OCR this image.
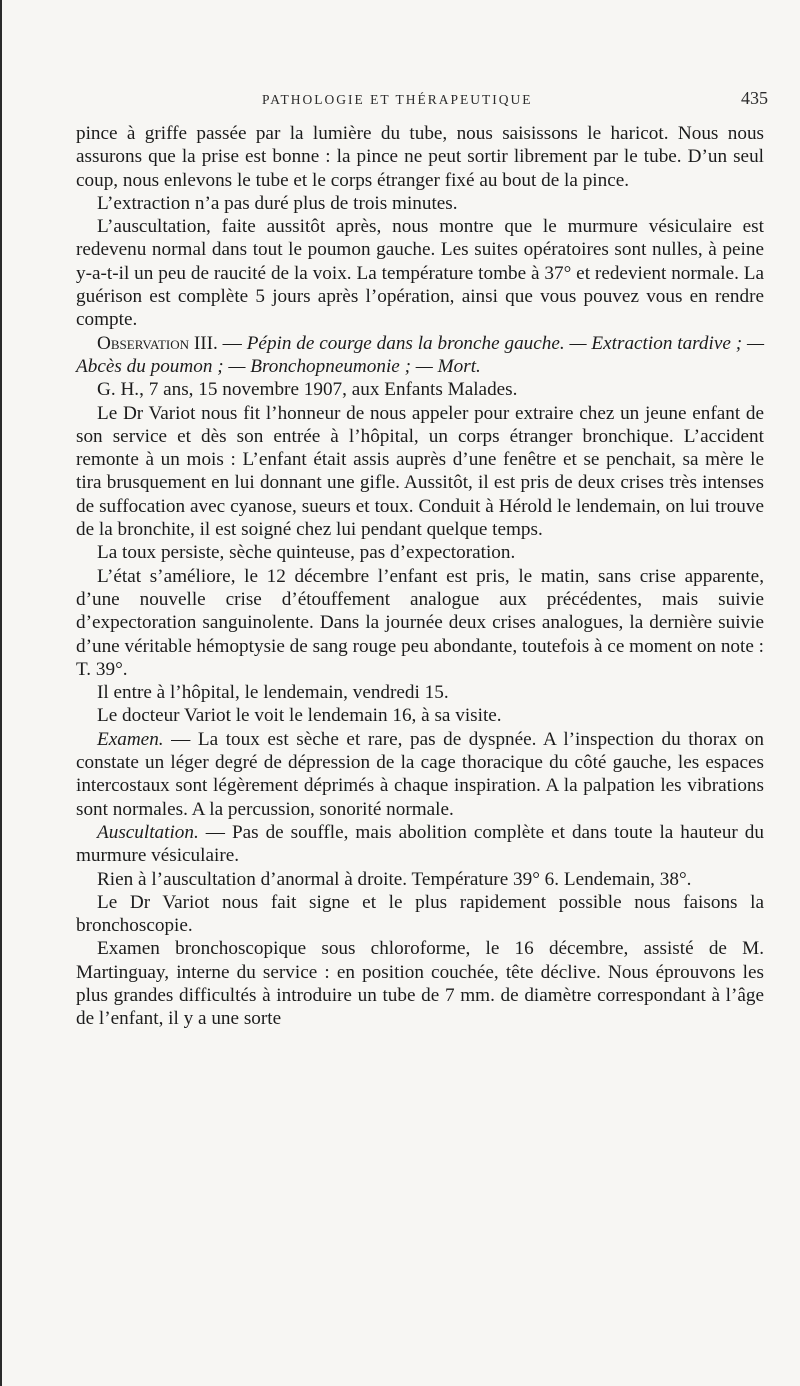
PATHOLOGIE ET THÉRAPEUTIQUE	435

pince à griffe passée par la lumière du tube, nous saisissons le haricot. Nous nous assurons que la prise est bonne : la pince ne peut sortir librement par le tube. D’un seul coup, nous enlevons le tube et le corps étranger fixé au bout de la pince.

L’extraction n’a pas duré plus de trois minutes.

L’auscultation, faite aussitôt après, nous montre que le murmure vésiculaire est redevenu normal dans tout le poumon gauche. Les suites opératoires sont nulles, à peine y-a-t-il un peu de raucité de la voix. La température tombe à 37° et redevient normale. La guérison est complète 5 jours après l’opération, ainsi que vous pouvez vous en rendre compte.

Observation III. — Pépin de courge dans la bronche gauche. — Extraction tardive ; — Abcès du poumon ; — Bronchopneumonie ; — Mort.

G. H., 7 ans, 15 novembre 1907, aux Enfants Malades.

Le Dr Variot nous fit l’honneur de nous appeler pour extraire chez un jeune enfant de son service et dès son entrée à l’hôpital, un corps étranger bronchique. L’accident remonte à un mois : L’enfant était assis auprès d’une fenêtre et se penchait, sa mère le tira brusquement en lui donnant une gifle. Aussitôt, il est pris de deux crises très intenses de suffocation avec cyanose, sueurs et toux. Conduit à Hérold le lendemain, on lui trouve de la bronchite, il est soigné chez lui pendant quelque temps.

La toux persiste, sèche quinteuse, pas d’expectoration.

L’état s’améliore, le 12 décembre l’enfant est pris, le matin, sans crise apparente, d’une nouvelle crise d’étouffement analogue aux précédentes, mais suivie d’expectoration sanguinolente. Dans la journée deux crises analogues, la dernière suivie d’une véritable hémoptysie de sang rouge peu abondante, toutefois à ce moment on note : T. 39°.

Il entre à l’hôpital, le lendemain, vendredi 15.

Le docteur Variot le voit le lendemain 16, à sa visite.

Examen. — La toux est sèche et rare, pas de dyspnée. A l’inspection du thorax on constate un léger degré de dépression de la cage thoracique du côté gauche, les espaces intercostaux sont légèrement déprimés à chaque inspiration. A la palpation les vibrations sont normales. A la percussion, sonorité normale.

Auscultation. — Pas de souffle, mais abolition complète et dans toute la hauteur du murmure vésiculaire.

Rien à l’auscultation d’anormal à droite. Température 39° 6. Lendemain, 38°.

Le Dr Variot nous fait signe et le plus rapidement possible nous faisons la bronchoscopie.

Examen bronchoscopique sous chloroforme, le 16 décembre, assisté de M. Martinguay, interne du service : en position couchée, tête déclive. Nous éprouvons les plus grandes difficultés à introduire un tube de 7 mm. de diamètre correspondant à l’âge de l’enfant, il y a une sorte
